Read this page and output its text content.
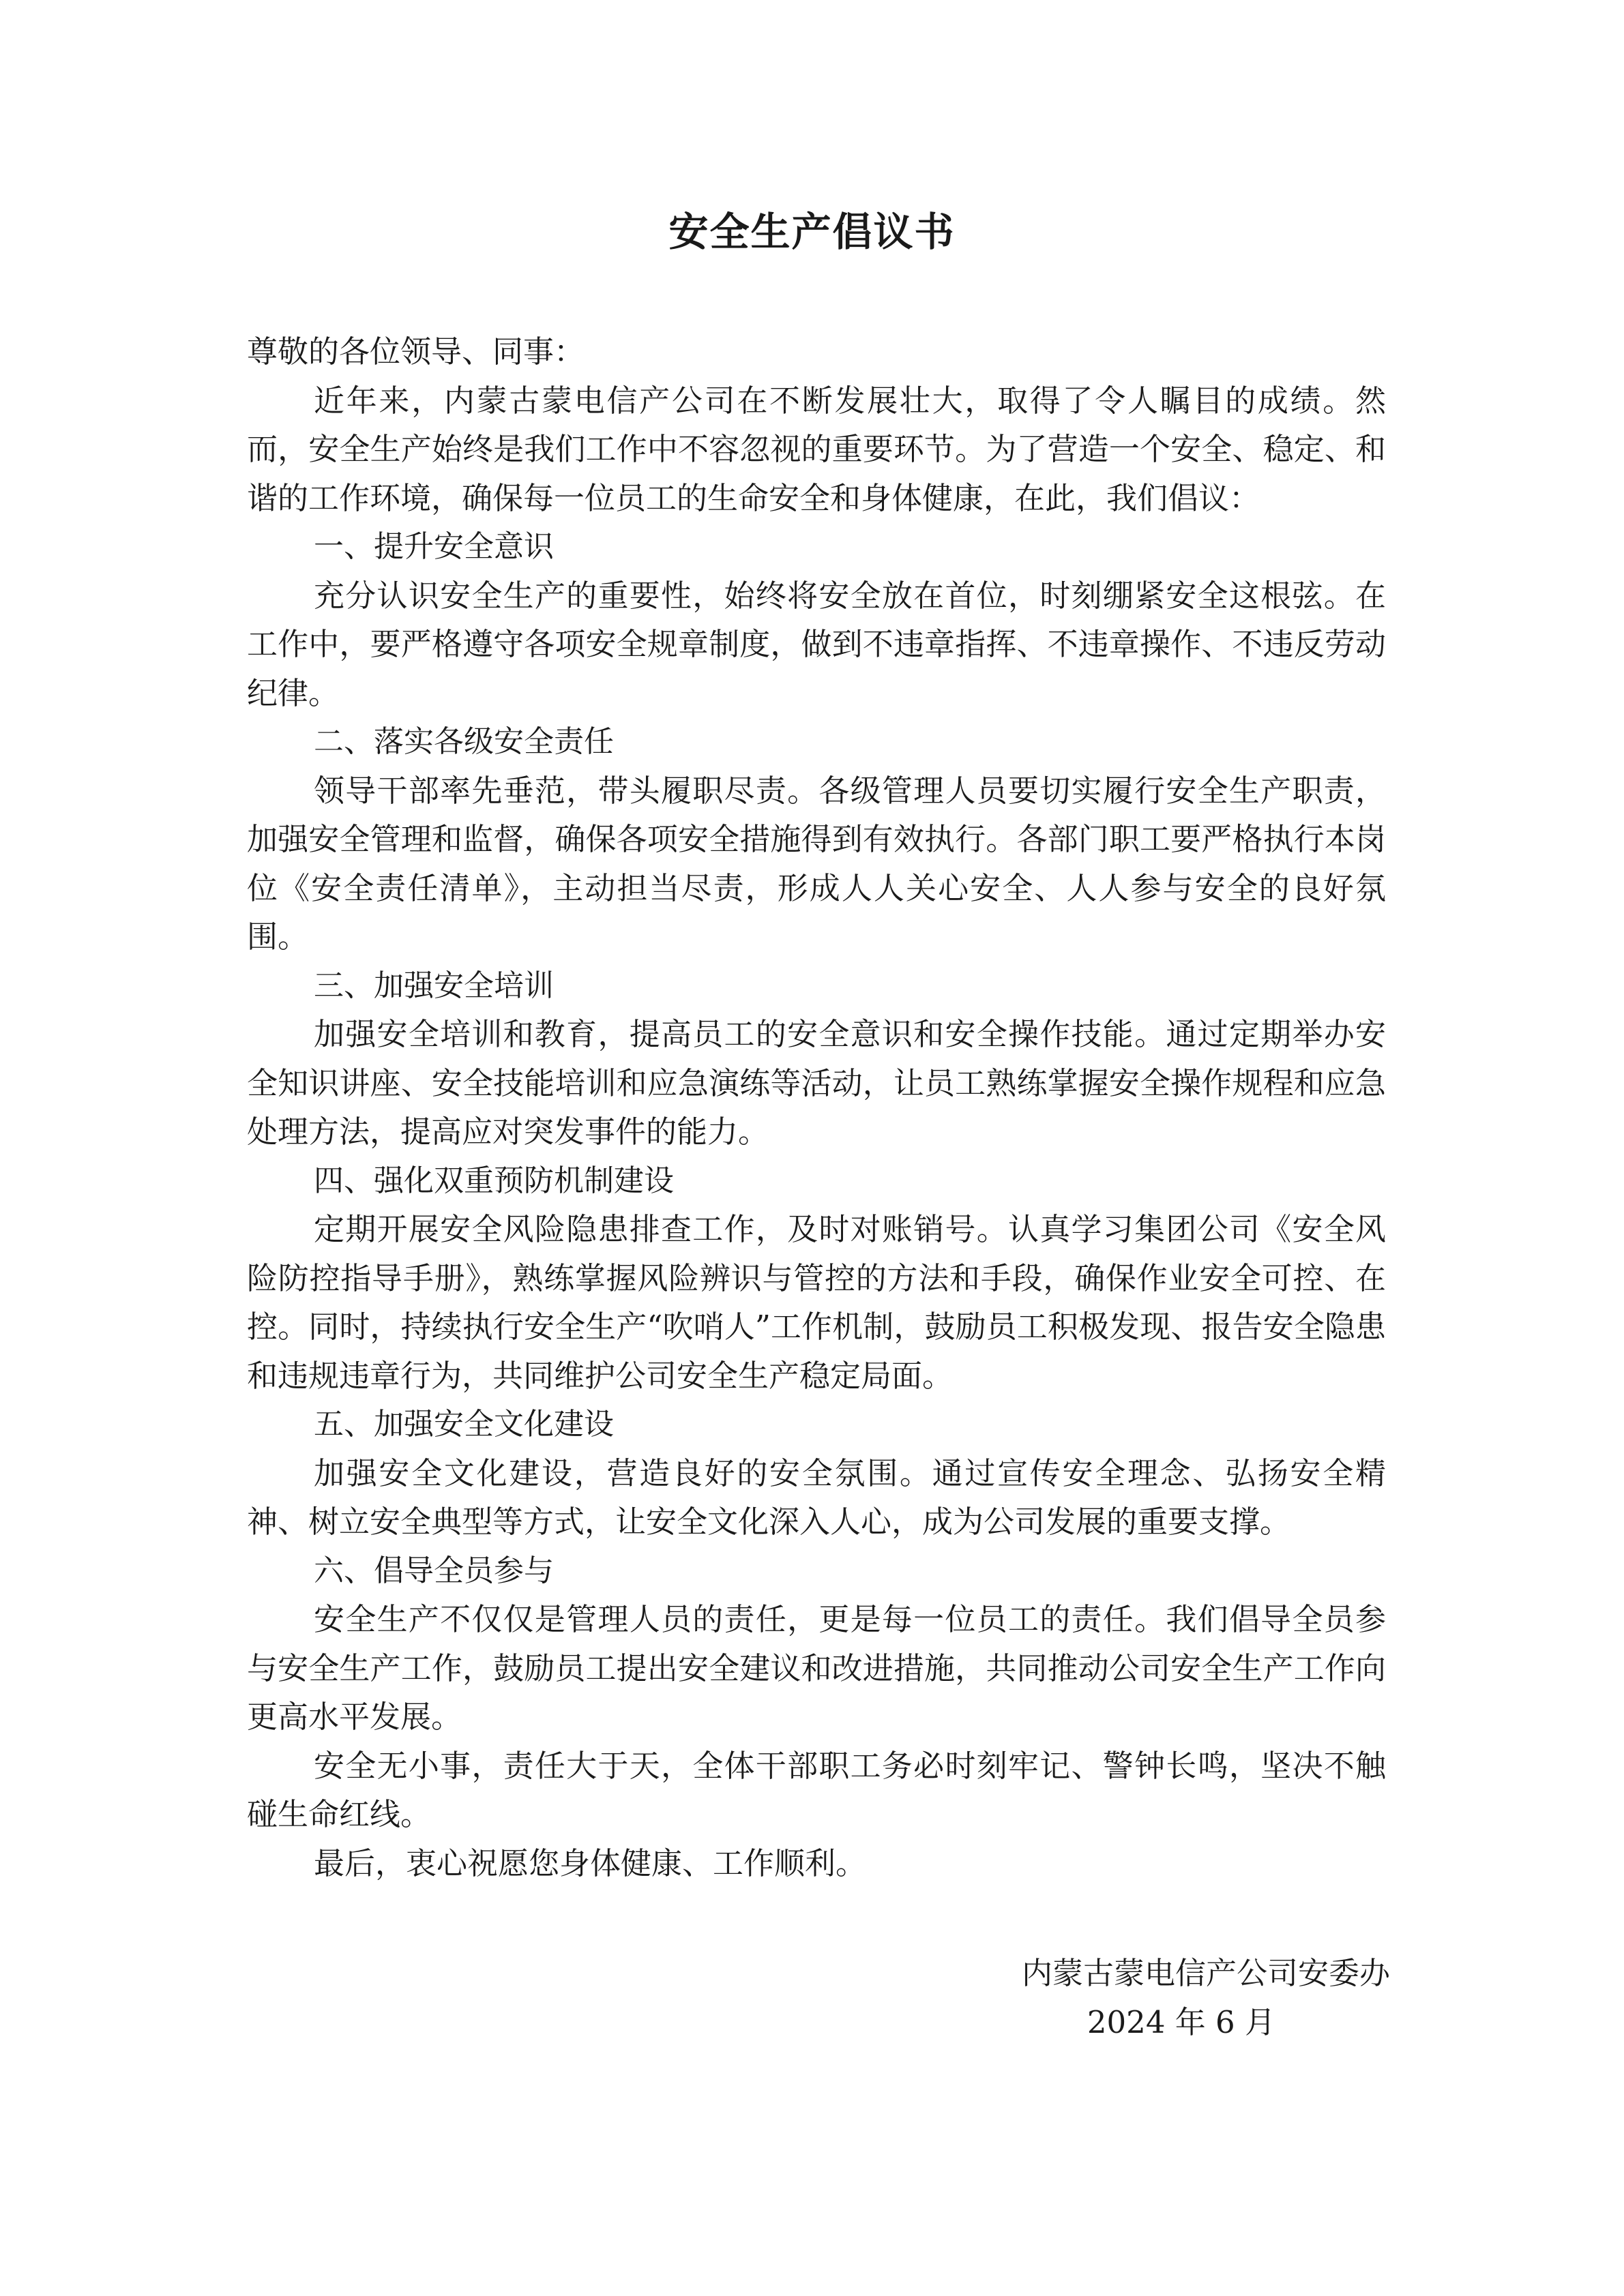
安全生产倡议书

尊敬的各位领导、同事：

近年来，内蒙古蒙电信产公司在不断发展壮大，取得了令人瞩目的成绩。然而，安全生产始终是我们工作中不容忽视的重要环节。为了营造一个安全、稳定、和谐的工作环境，确保每一位员工的生命安全和身体健康，在此，我们倡议：

一、提升安全意识

充分认识安全生产的重要性，始终将安全放在首位，时刻绷紧安全这根弦。在工作中，要严格遵守各项安全规章制度，做到不违章指挥、不违章操作、不违反劳动纪律。

二、落实各级安全责任

领导干部率先垂范，带头履职尽责。各级管理人员要切实履行安全生产职责，加强安全管理和监督，确保各项安全措施得到有效执行。各部门职工要严格执行本岗位《安全责任清单》，主动担当尽责，形成人人关心安全、人人参与安全的良好氛围。

三、加强安全培训

加强安全培训和教育，提高员工的安全意识和安全操作技能。通过定期举办安全知识讲座、安全技能培训和应急演练等活动，让员工熟练掌握安全操作规程和应急处理方法，提高应对突发事件的能力。

四、强化双重预防机制建设

定期开展安全风险隐患排查工作，及时对账销号。认真学习集团公司《安全风险防控指导手册》，熟练掌握风险辨识与管控的方法和手段，确保作业安全可控、在控。同时，持续执行安全生产“吹哨人”工作机制，鼓励员工积极发现、报告安全隐患和违规违章行为，共同维护公司安全生产稳定局面。

五、加强安全文化建设

加强安全文化建设，营造良好的安全氛围。通过宣传安全理念、弘扬安全精神、树立安全典型等方式，让安全文化深入人心，成为公司发展的重要支撑。

六、倡导全员参与

安全生产不仅仅是管理人员的责任，更是每一位员工的责任。我们倡导全员参与安全生产工作，鼓励员工提出安全建议和改进措施，共同推动公司安全生产工作向更高水平发展。

安全无小事，责任大于天，全体干部职工务必时刻牢记、警钟长鸣，坚决不触碰生命红线。

最后，衷心祝愿您身体健康、工作顺利。

内蒙古蒙电信产公司安委办
2024 年 6 月
